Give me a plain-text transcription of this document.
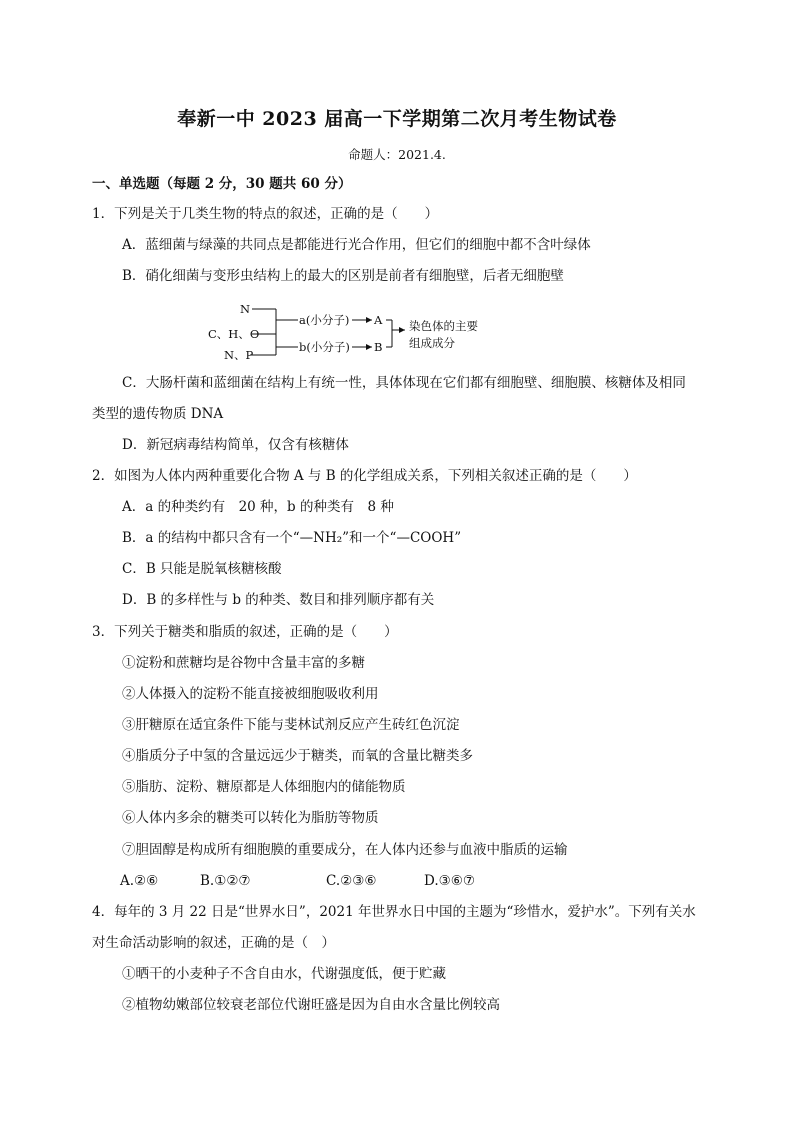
奉新一中 2023 届高一下学期第二次月考生物试卷
命题人：2021.4.
一、单选题（每题 2 分，30 题共 60 分）
1．下列是关于几类生物的特点的叙述，正确的是（　　）
A．蓝细菌与绿藻的共同点是都能进行光合作用，但它们的细胞中都不含叶绿体
B．硝化细菌与变形虫结构上的最大的区别是前者有细胞壁，后者无细胞壁
N
C、H、O
N、P
a(小分子)
b(小分子)
A
B
染色体的主要
组成成分
C．大肠杆菌和蓝细菌在结构上有统一性，具体体现在它们都有细胞壁、细胞膜、核糖体及相同
类型的遗传物质 DNA
D．新冠病毒结构简单，仅含有核糖体
2．如图为人体内两种重要化合物 A 与 B 的化学组成关系，下列相关叙述正确的是（　　）
A．a 的种类约有　20 种，b 的种类有　8 种
B．a 的结构中都只含有一个“—NH₂”和一个“—COOH”
C．B 只能是脱氧核糖核酸
D．B 的多样性与 b 的种类、数目和排列顺序都有关
3．下列关于糖类和脂质的叙述，正确的是（　　）
①淀粉和蔗糖均是谷物中含量丰富的多糖
②人体摄入的淀粉不能直接被细胞吸收利用
③肝糖原在适宜条件下能与斐林试剂反应产生砖红色沉淀
④脂质分子中氢的含量远远少于糖类，而氧的含量比糖类多
⑤脂肪、淀粉、糖原都是人体细胞内的储能物质
⑥人体内多余的糖类可以转化为脂肪等物质
⑦胆固醇是构成所有细胞膜的重要成分，在人体内还参与血液中脂质的运输
A.②⑥	B.①②⑦	C.②③⑥	D.③⑥⑦
4．每年的 3 月 22 日是“世界水日”，2021 年世界水日中国的主题为“珍惜水，爱护水”。下列有关水
对生命活动影响的叙述，正确的是（　）
①晒干的小麦种子不含自由水，代谢强度低，便于贮藏
②植物幼嫩部位较衰老部位代谢旺盛是因为自由水含量比例较高
